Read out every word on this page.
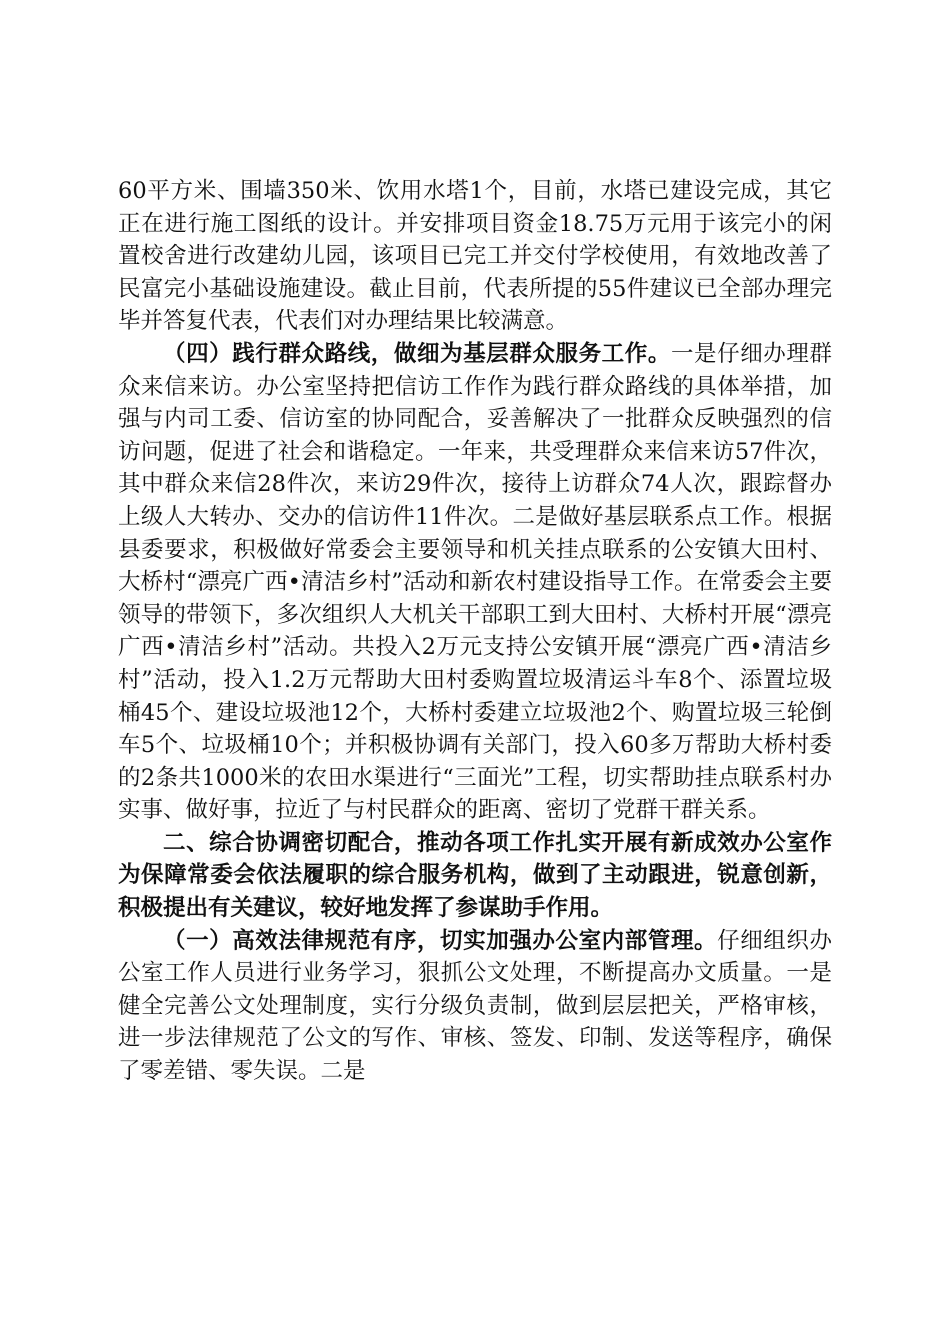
60平方米、围墙350米、饮用水塔1个，目前，水塔已建设完成，其它正在进行施工图纸的设计。并安排项目资金18.75万元用于该完小的闲置校舍进行改建幼儿园，该项目已完工并交付学校使用，有效地改善了民富完小基础设施建设。截止目前，代表所提的55件建议已全部办理完毕并答复代表，代表们对办理结果比较满意。

（四）践行群众路线，做细为基层群众服务工作。一是仔细办理群众来信来访。办公室坚持把信访工作作为践行群众路线的具体举措，加强与内司工委、信访室的协同配合，妥善解决了一批群众反映强烈的信访问题，促进了社会和谐稳定。一年来，共受理群众来信来访57件次，其中群众来信28件次，来访29件次，接待上访群众74人次，跟踪督办上级人大转办、交办的信访件11件次。二是做好基层联系点工作。根据县委要求，积极做好常委会主要领导和机关挂点联系的公安镇大田村、大桥村“漂亮广西•清洁乡村”活动和新农村建设指导工作。在常委会主要领导的带领下，多次组织人大机关干部职工到大田村、大桥村开展“漂亮广西•清洁乡村”活动。共投入2万元支持公安镇开展“漂亮广西•清洁乡村”活动，投入1.2万元帮助大田村委购置垃圾清运斗车8个、添置垃圾桶45个、建设垃圾池12个，大桥村委建立垃圾池2个、购置垃圾三轮倒车5个、垃圾桶10个；并积极协调有关部门，投入60多万帮助大桥村委的2条共1000米的农田水渠进行“三面光”工程，切实帮助挂点联系村办实事、做好事，拉近了与村民群众的距离、密切了党群干群关系。

二、综合协调密切配合，推动各项工作扎实开展有新成效办公室作为保障常委会依法履职的综合服务机构，做到了主动跟进，锐意创新，积极提出有关建议，较好地发挥了参谋助手作用。

（一）高效法律规范有序，切实加强办公室内部管理。仔细组织办公室工作人员进行业务学习，狠抓公文处理，不断提高办文质量。一是健全完善公文处理制度，实行分级负责制，做到层层把关，严格审核，进一步法律规范了公文的写作、审核、签发、印制、发送等程序，确保了零差错、零失误。二是
